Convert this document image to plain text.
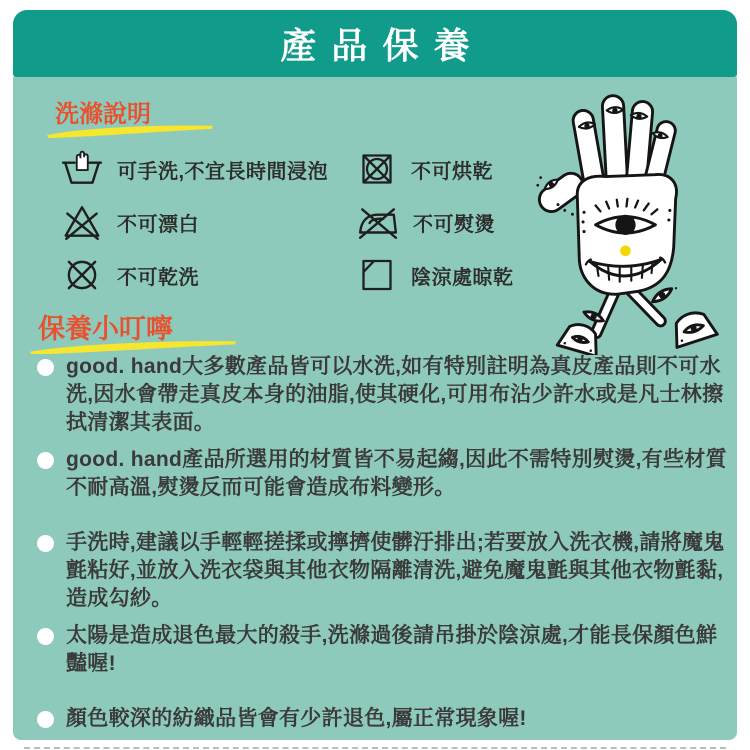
產品保養
洗滌說明
可手洗,不宜長時間浸泡	不可烘乾
不可漂白	不可熨燙
不可乾洗	陰涼處晾乾
保養小叮嚀
good. hand大多數產品皆可以水洗,如有特別註明為真皮產品則不可水洗,因水會帶走真皮本身的油脂,使其硬化,可用布沾少許水或是凡士林擦拭清潔其表面。
good. hand產品所選用的材質皆不易起縐,因此不需特別熨燙,有些材質不耐高溫,熨燙反而可能會造成布料變形。
手洗時,建議以手輕輕搓揉或擰擠使髒汙排出;若要放入洗衣機,請將魔鬼氈粘好,並放入洗衣袋與其他衣物隔離清洗,避免魔鬼氈與其他衣物氈黏,造成勾紗。
太陽是造成退色最大的殺手,洗滌過後請吊掛於陰涼處,才能長保顏色鮮豔喔!
顏色較深的紡織品皆會有少許退色,屬正常現象喔!
